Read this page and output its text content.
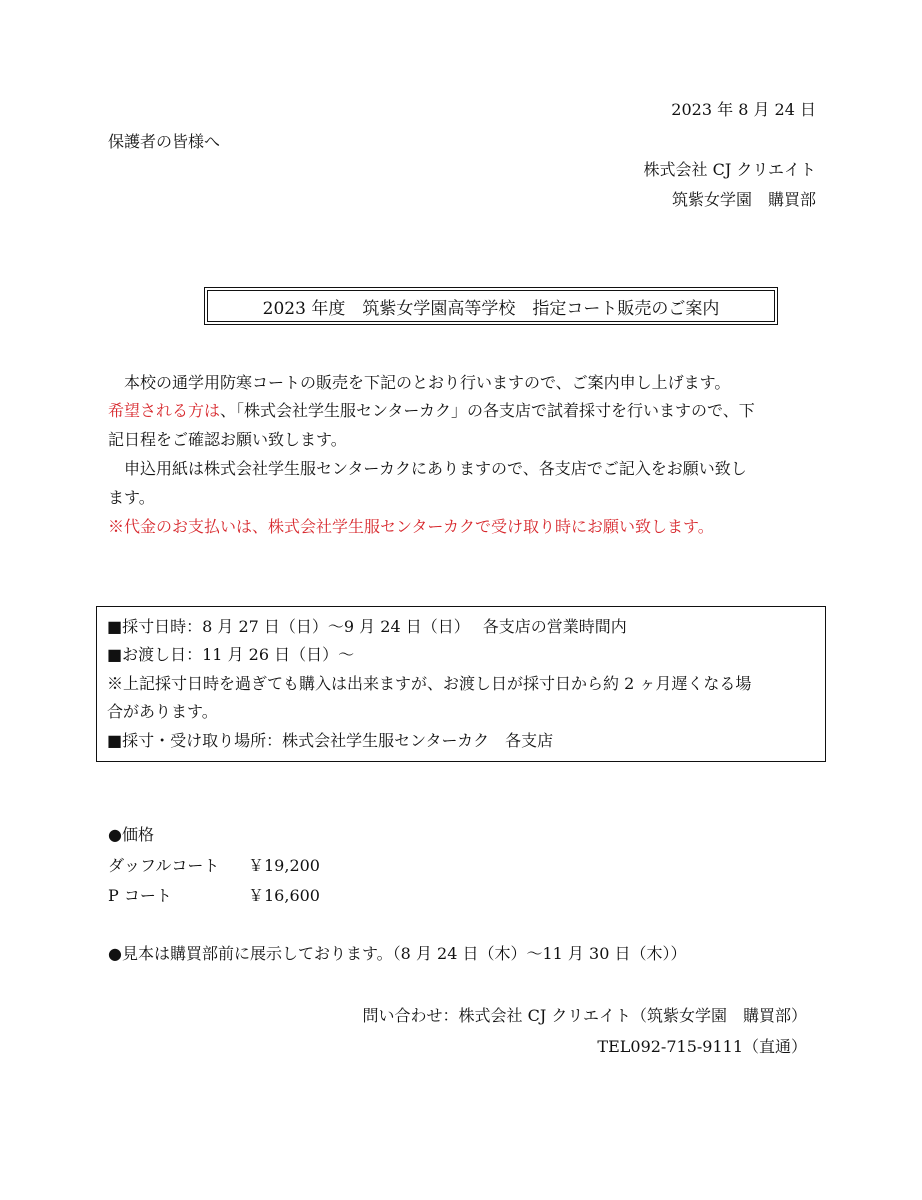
2023 年 8 月 24 日
保護者の皆様へ
株式会社 CJ クリエイト
筑紫女学園　購買部
2023 年度　筑紫女学園高等学校　指定コート販売のご案内
本校の通学用防寒コートの販売を下記のとおり行いますので、ご案内申し上げます。
希望される方は、「株式会社学生服センターカク」の各支店で試着採寸を行いますので、下
記日程をご確認お願い致します。
申込用紙は株式会社学生服センターカクにありますので、各支店でご記入をお願い致し
ます。
※代金のお支払いは、株式会社学生服センターカクで受け取り時にお願い致します。
■採寸日時：8 月 27 日（日）～9 月 24 日（日）　 各支店の営業時間内
■お渡し日：11 月 26 日（日）～
※上記採寸日時を過ぎても購入は出来ますが、お渡し日が採寸日から約 2 ヶ月遅くなる場
合があります。
■採寸・受け取り場所：株式会社学生服センターカク　各支店
●価格
ダッフルコート ￥19,200
P コート	￥16,600
●見本は購買部前に展示しております。（8 月 24 日（木）～11 月 30 日（木））
問い合わせ：株式会社 CJ クリエイト（筑紫女学園　購買部）
TEL092-715-9111（直通）
